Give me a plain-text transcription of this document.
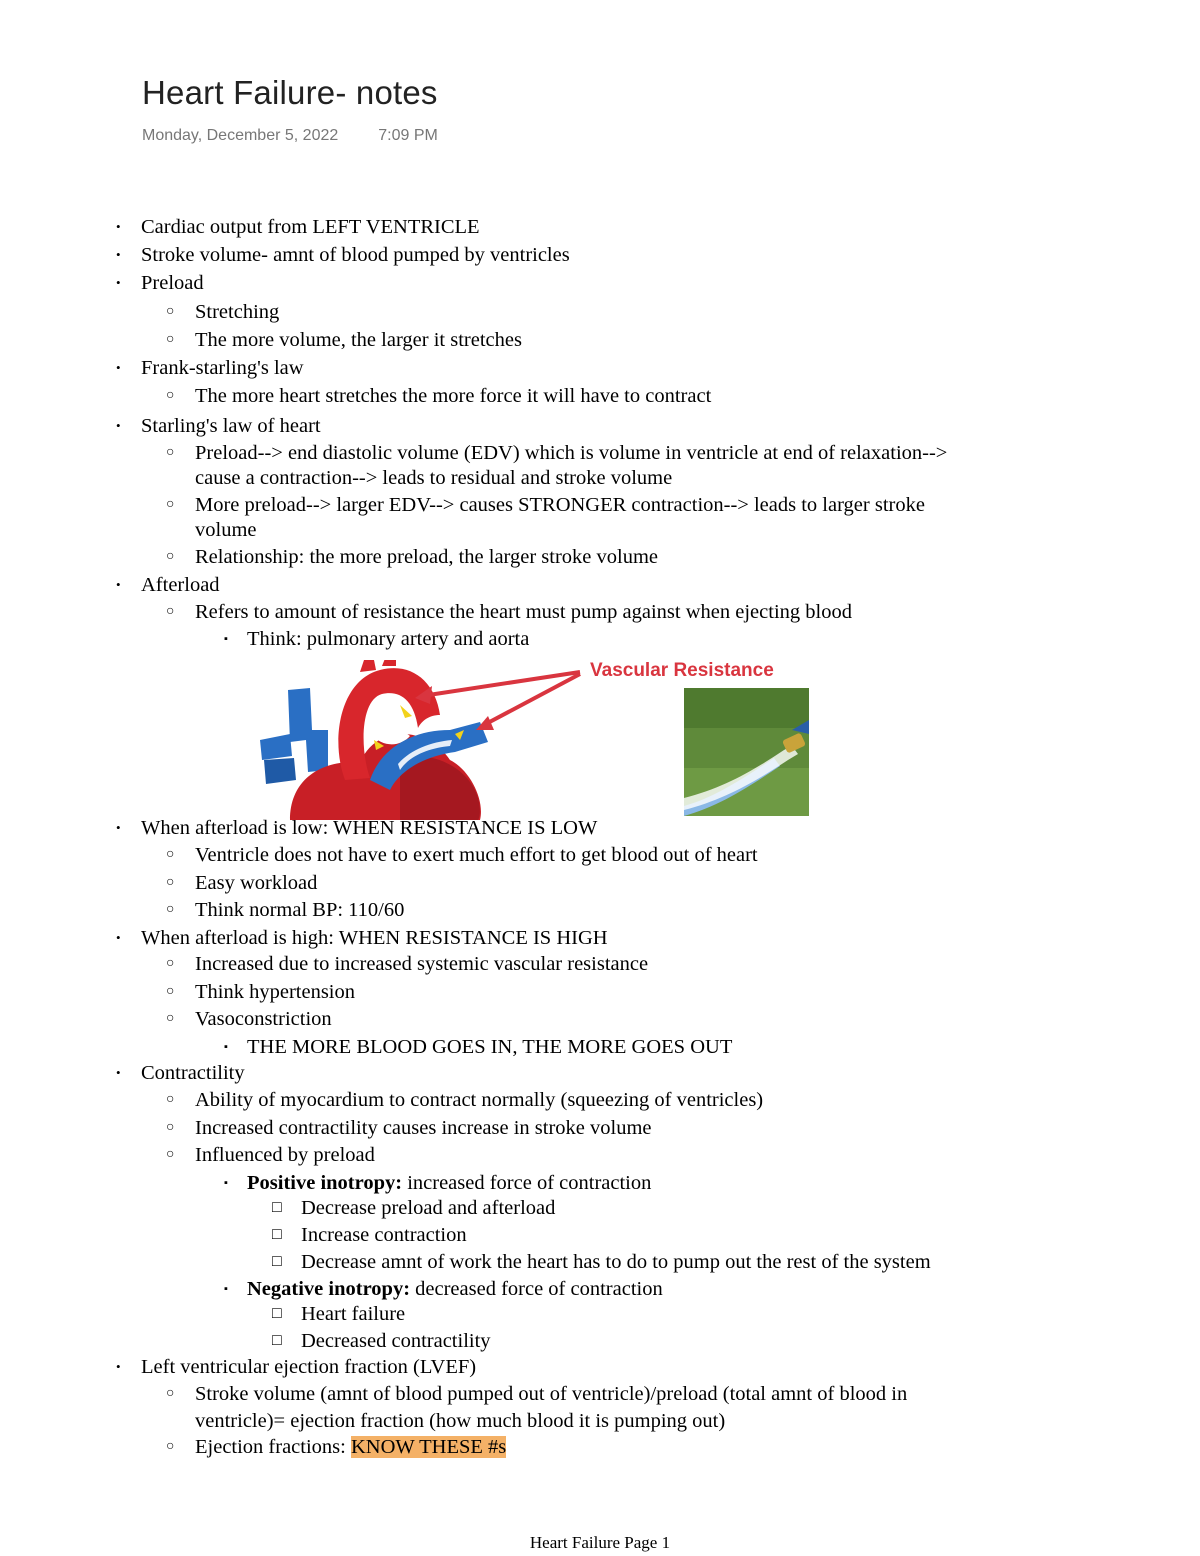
Heart Failure- notes
Monday, December 5, 2022	7:09 PM
• Cardiac output from LEFT VENTRICLE
• Stroke volume- amnt of blood pumped by ventricles
• Preload
○ Stretching
○ The more volume, the larger it stretches
• Frank-starling's law
○ The more heart stretches the more force it will have to contract
• Starling's law of heart
○ Preload--> end diastolic volume (EDV) which is volume in ventricle at end of relaxation-->
cause a contraction--> leads to residual and stroke volume
○ More preload--> larger EDV--> causes STRONGER contraction--> leads to larger stroke
volume
○ Relationship: the more preload, the larger stroke volume
• Afterload
○ Refers to amount of resistance the heart must pump against when ejecting blood
▪ Think: pulmonary artery and aorta
Vascular Resistance
• When afterload is low: WHEN RESISTANCE IS LOW
○ Ventricle does not have to exert much effort to get blood out of heart
○ Easy workload
○ Think normal BP: 110/60
• When afterload is high: WHEN RESISTANCE IS HIGH
○ Increased due to increased systemic vascular resistance
○ Think hypertension
○ Vasoconstriction
▪ THE MORE BLOOD GOES IN, THE MORE GOES OUT
• Contractility
○ Ability of myocardium to contract normally (squeezing of ventricles)
○ Increased contractility causes increase in stroke volume
○ Influenced by preload
▪ Positive inotropy: increased force of contraction
□ Decrease preload and afterload
□ Increase contraction
□ Decrease amnt of work the heart has to do to pump out the rest of the system
▪ Negative inotropy: decreased force of contraction
□ Heart failure
□ Decreased contractility
• Left ventricular ejection fraction (LVEF)
○ Stroke volume (amnt of blood pumped out of ventricle)/preload (total amnt of blood in
ventricle)= ejection fraction (how much blood it is pumping out)
○ Ejection fractions: KNOW THESE #s
Heart Failure Page 1
